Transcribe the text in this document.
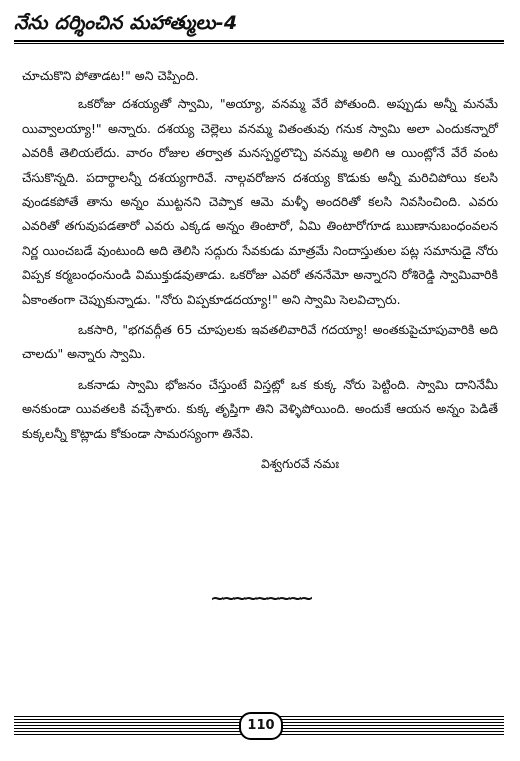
నేను దర్శించిన మహాత్ములు-4

చూచుకొని పోతాడట!" అని చెప్పింది.

ఒకరోజు దశయ్యతో స్వామి, "అయ్యా, వనమ్మ వేరే పోతుంది. అప్పుడు అన్నీ మనమే యివ్వాలయ్యా!" అన్నారు. దశయ్య చెల్లెలు వనమ్మ వితంతువు గనుక స్వామి అలా ఎందుకన్నారో ఎవరికీ తెలియలేదు. వారం రోజుల తర్వాత మనస్పర్థలొచ్చి వనమ్మ అలిగి ఆ యింట్లోనే వేరే వంట చేసుకొన్నది. పదార్థాలన్నీ దశయ్యగారివే. నాల్గవరోజున దశయ్య కొడుకు అన్నీ మరిచిపోయి కలసి వుండకపోతే తాను అన్నం ముట్టనని చెప్పాక ఆమె మళ్ళీ అందరితో కలసి నివసించింది. ఎవరు ఎవరితో తగువుపడతారో ఎవరు ఎక్కడ అన్నం తింటారో, ఏమి తింటారోగూడ ఋణానుబంధంవలన నిర్ణ యించబడే వుంటుంది అది తెలిసి సద్గురు సేవకుడు మాత్రమే నిందాస్తుతుల పట్ల సమానుడై నోరు విప్పక కర్మబంధంనుండి విముక్తుడవుతాడు. ఒకరోజు ఎవరో తననేమో అన్నారని రోశిరెడ్డి స్వామివారికి ఏకాంతంగా చెప్పుకున్నాడు. "నోరు విప్పకూడదయ్యా!" అని స్వామి సెలవిచ్చారు.

ఒకసారి, "భగవద్గీత 65 చూపులకు ఇవతలివారివే గదయ్యా! అంతకుపైచూపువారికి అది చాలదు" అన్నారు స్వామి.

ఒకనాడు స్వామి భోజనం చేస్తుంటే విస్తట్లో ఒక కుక్క నోరు పెట్టింది. స్వామి దానినేమీ అనకుండా యివతలకి వచ్చేశారు. కుక్క తృప్తిగా తిని వెళ్ళిపోయింది. అందుకే ఆయన అన్నం పెడితే కుక్కలన్నీ కొట్లాడు కోకుండా సామరస్యంగా తినేవి.

విశ్వగురవే నమః

~~~~~~~~~
110
